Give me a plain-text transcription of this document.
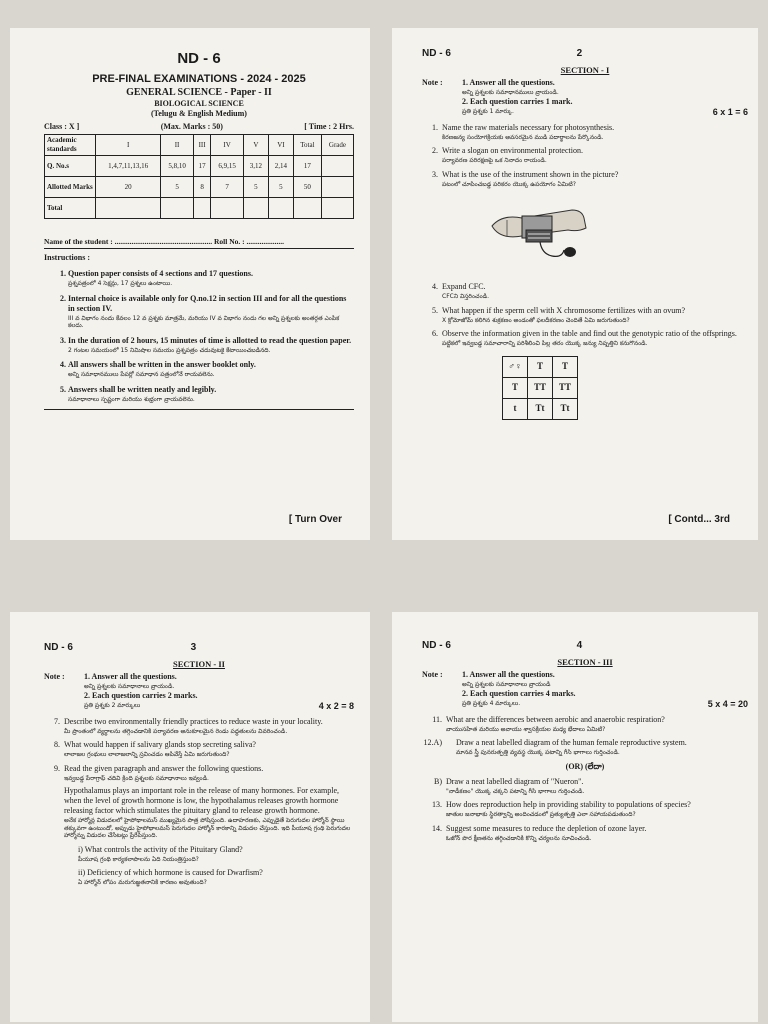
ND - 6
PRE-FINAL EXAMINATIONS - 2024 - 2025
GENERAL SCIENCE - Paper - II
BIOLOGICAL SCIENCE
(Telugu & English Medium)
Class : X ]	(Max. Marks : 50)	[ Time : 2 Hrs.
Academic standards	I	II	III	IV	V	VI	Total	Grade
Q. No.s	1,4,7,11,13,16	5,8,10	17	6,9,15	3,12	2,14	17	
Allotted Marks	20	5	8	7	5	5	50	
Total								
Name of the student : .................................................... Roll No. : ....................
Instructions :
1. Question paper consists of 4 sections and 17 questions.
ప్రశ్నపత్రంలో 4 సెక్షన్లు, 17 ప్రశ్నలు ఉంటాయి.
2. Internal choice is available only for Q.no.12 in section III and for all the questions in section IV.
III వ విభాగం నందు కేవలం 12 వ ప్రశ్నకు మాత్రమే, మరియు IV వ విభాగం నందు గల అన్ని ప్రశ్నలకు అంతర్గత ఎంపిక కలదు.
3. In the duration of 2 hours, 15 minutes of time is allotted to read the question paper.
2 గంటల సమయంలో 15 నిమిషాల సమయం ప్రశ్నపత్రం చదువుటకై కేటాయించబడినది.
4. All answers shall be written in the answer booklet only.
అన్ని సమాధానములు పేపర్లో సమాధాన పత్రంలోనే రాయవలెను.
5. Answers shall be written neatly and legibly.
సమాధానాలు స్పష్టంగా మరియు శుభ్రంగా వ్రాయవలెను.
[ Turn Over
ND - 6	2
SECTION - I
Note :	1. Answer all the questions.
అన్ని ప్రశ్నలకు సమాధానములు వ్రాయండి.
2. Each question carries 1 mark.
ప్రతి ప్రశ్నకు 1 మార్కు.	6 x 1 = 6
1. Name the raw materials necessary for photosynthesis.
కిరణజన్య సంయోగక్రియకు అవసరమైన ముడి పదార్థాలను పేర్కొనండి.
2. Write a slogan on environmental protection.
పర్యావరణ పరిరక్షణపై ఒక నినాదం రాయండి.
3. What is the use of the instrument shown in the picture?
పటంలో చూపించబడ్డ పరికరం యొక్క ఉపయోగం ఏమిటి?
4. Expand CFC.
CFCని విస్తరించండి.
5. What happen if the sperm cell with X chromosome fertilizes with an ovum?
X క్రోమోజోమ్ కలిగిన శుక్రకణం అండంతో ఫలదీకరణం చెందితే ఏమి జరుగుతుంది?
6. Observe the information given in the table and find out the genotypic ratio of the offsprings.
పట్టికలో ఇవ్వబడ్డ సమాచారాన్ని పరిశీలించి పిల్ల తరం యొక్క జన్యు నిష్పత్తిని కనుగొనండి.
♂♀	T	T
T	TT	TT
t	Tt	Tt
[ Contd... 3rd
ND - 6	3
SECTION - II
Note :	1. Answer all the questions.
అన్ని ప్రశ్నలకు సమాధానాలు వ్రాయండి.
2. Each question carries 2 marks.
ప్రతి ప్రశ్నకు 2 మార్కులు	4 x 2 = 8
7. Describe two environmentally friendly practices to reduce waste in your locality.
మీ ప్రాంతంలో వ్యర్థాలను తగ్గించడానికి పర్యావరణ అనుకూలమైన రెండు పద్ధతులను వివరించండి.
8. What would happen if salivary glands stop secreting saliva?
లాలాజల గ్రంథులు లాలాజలాన్ని స్రవించడం ఆపివేస్తే ఏమి జరుగుతుంది?
9. Read the given paragraph and answer the following questions.
ఇవ్వబడ్డ పేరాగ్రాఫ్ చదివి క్రింది ప్రశ్నలకు సమాధానాలు ఇవ్వండి.
Hypothalamus plays an important role in the release of many hormones. For example, when the level of growth hormone is low, the hypothalamus releases growth hormone releasing factor which stimulates the pituitary gland to release growth hormone.
అనేక హార్మోన్ల విడుదలలో హైపోథాలమస్ ముఖ్యమైన పాత్ర పోషిస్తుంది. ఉదాహరణకు, ఎప్పుడైతే పెరుగుదల హార్మోన్ స్థాయి తక్కువగా ఉంటుందో, అప్పుడు హైపోథాలమస్ పెరుగుదల హార్మోన్ కారకాన్ని విడుదల చేస్తుంది. ఇది పీయూష గ్రంథి పెరుగుదల హార్మోన్ను విడుదల చేసేటట్లు ప్రేరేపిస్తుంది.
i) What controls the activity of the Pituitary Gland?
పీయూష గ్రంథి కార్యకలాపాలను ఏది నియంత్రిస్తుంది?
ii) Deficiency of which hormone is caused for Dwarfism?
ఏ హార్మోన్ లోపం మరుగుజ్జతనానికి కారణం అవుతుంది?
ND - 6	4
SECTION - III
Note :	1. Answer all the questions.
అన్ని ప్రశ్నలకు సమాధానాలు వ్రాయండి
2. Each question carries 4 marks.
ప్రతి ప్రశ్నకు 4 మార్కులు.	5 x 4 = 20
11. What are the differences between aerobic and anaerobic respiration?
వాయుసహిత మరియు అవాయు శ్వాసక్రియల మధ్య భేదాలు ఏమిటి?
12.A)	Draw a neat labelled diagram of the human female reproductive system.
మానవ స్త్రీ పునరుత్పత్తి వ్యవస్థ యొక్క పటాన్ని గీసి భాగాలు గుర్తించండి.
(OR) (లేదా)
B) Draw a neat labelled diagram of "Nueron".
"నాడీకణం" యొక్క చక్కని పటాన్ని గీసి భాగాలు గుర్తించండి.
13. How does reproduction help in providing stability to populations of species?
జాతుల జనాభాకు స్థిరత్వాన్ని అందించడంలో ప్రత్యుత్పత్తి ఎలా సహాయపడుతుంది?
14. Suggest some measures to reduce the depletion of ozone layer.
ఓజోన్ పొర క్షీణతను తగ్గించడానికి కొన్ని చర్యలను సూచించండి.
